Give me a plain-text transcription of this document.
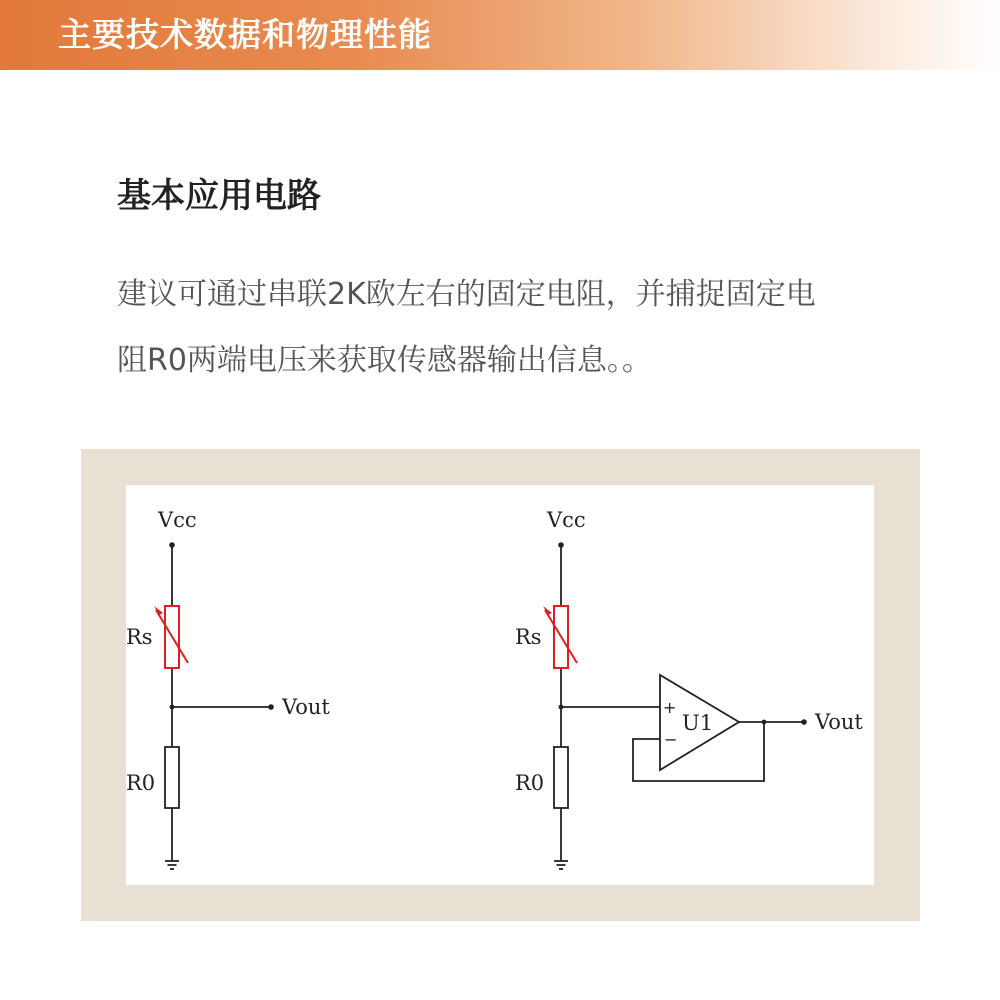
主要技术数据和物理性能
基本应用电路
建议可通过串联2K欧左右的固定电阻，并捕捉固定电
阻R0两端电压来获取传感器输出信息。。
Vcc
Rs
R0
Vout
Vcc
Rs
R0
U1
+
−
Vout
